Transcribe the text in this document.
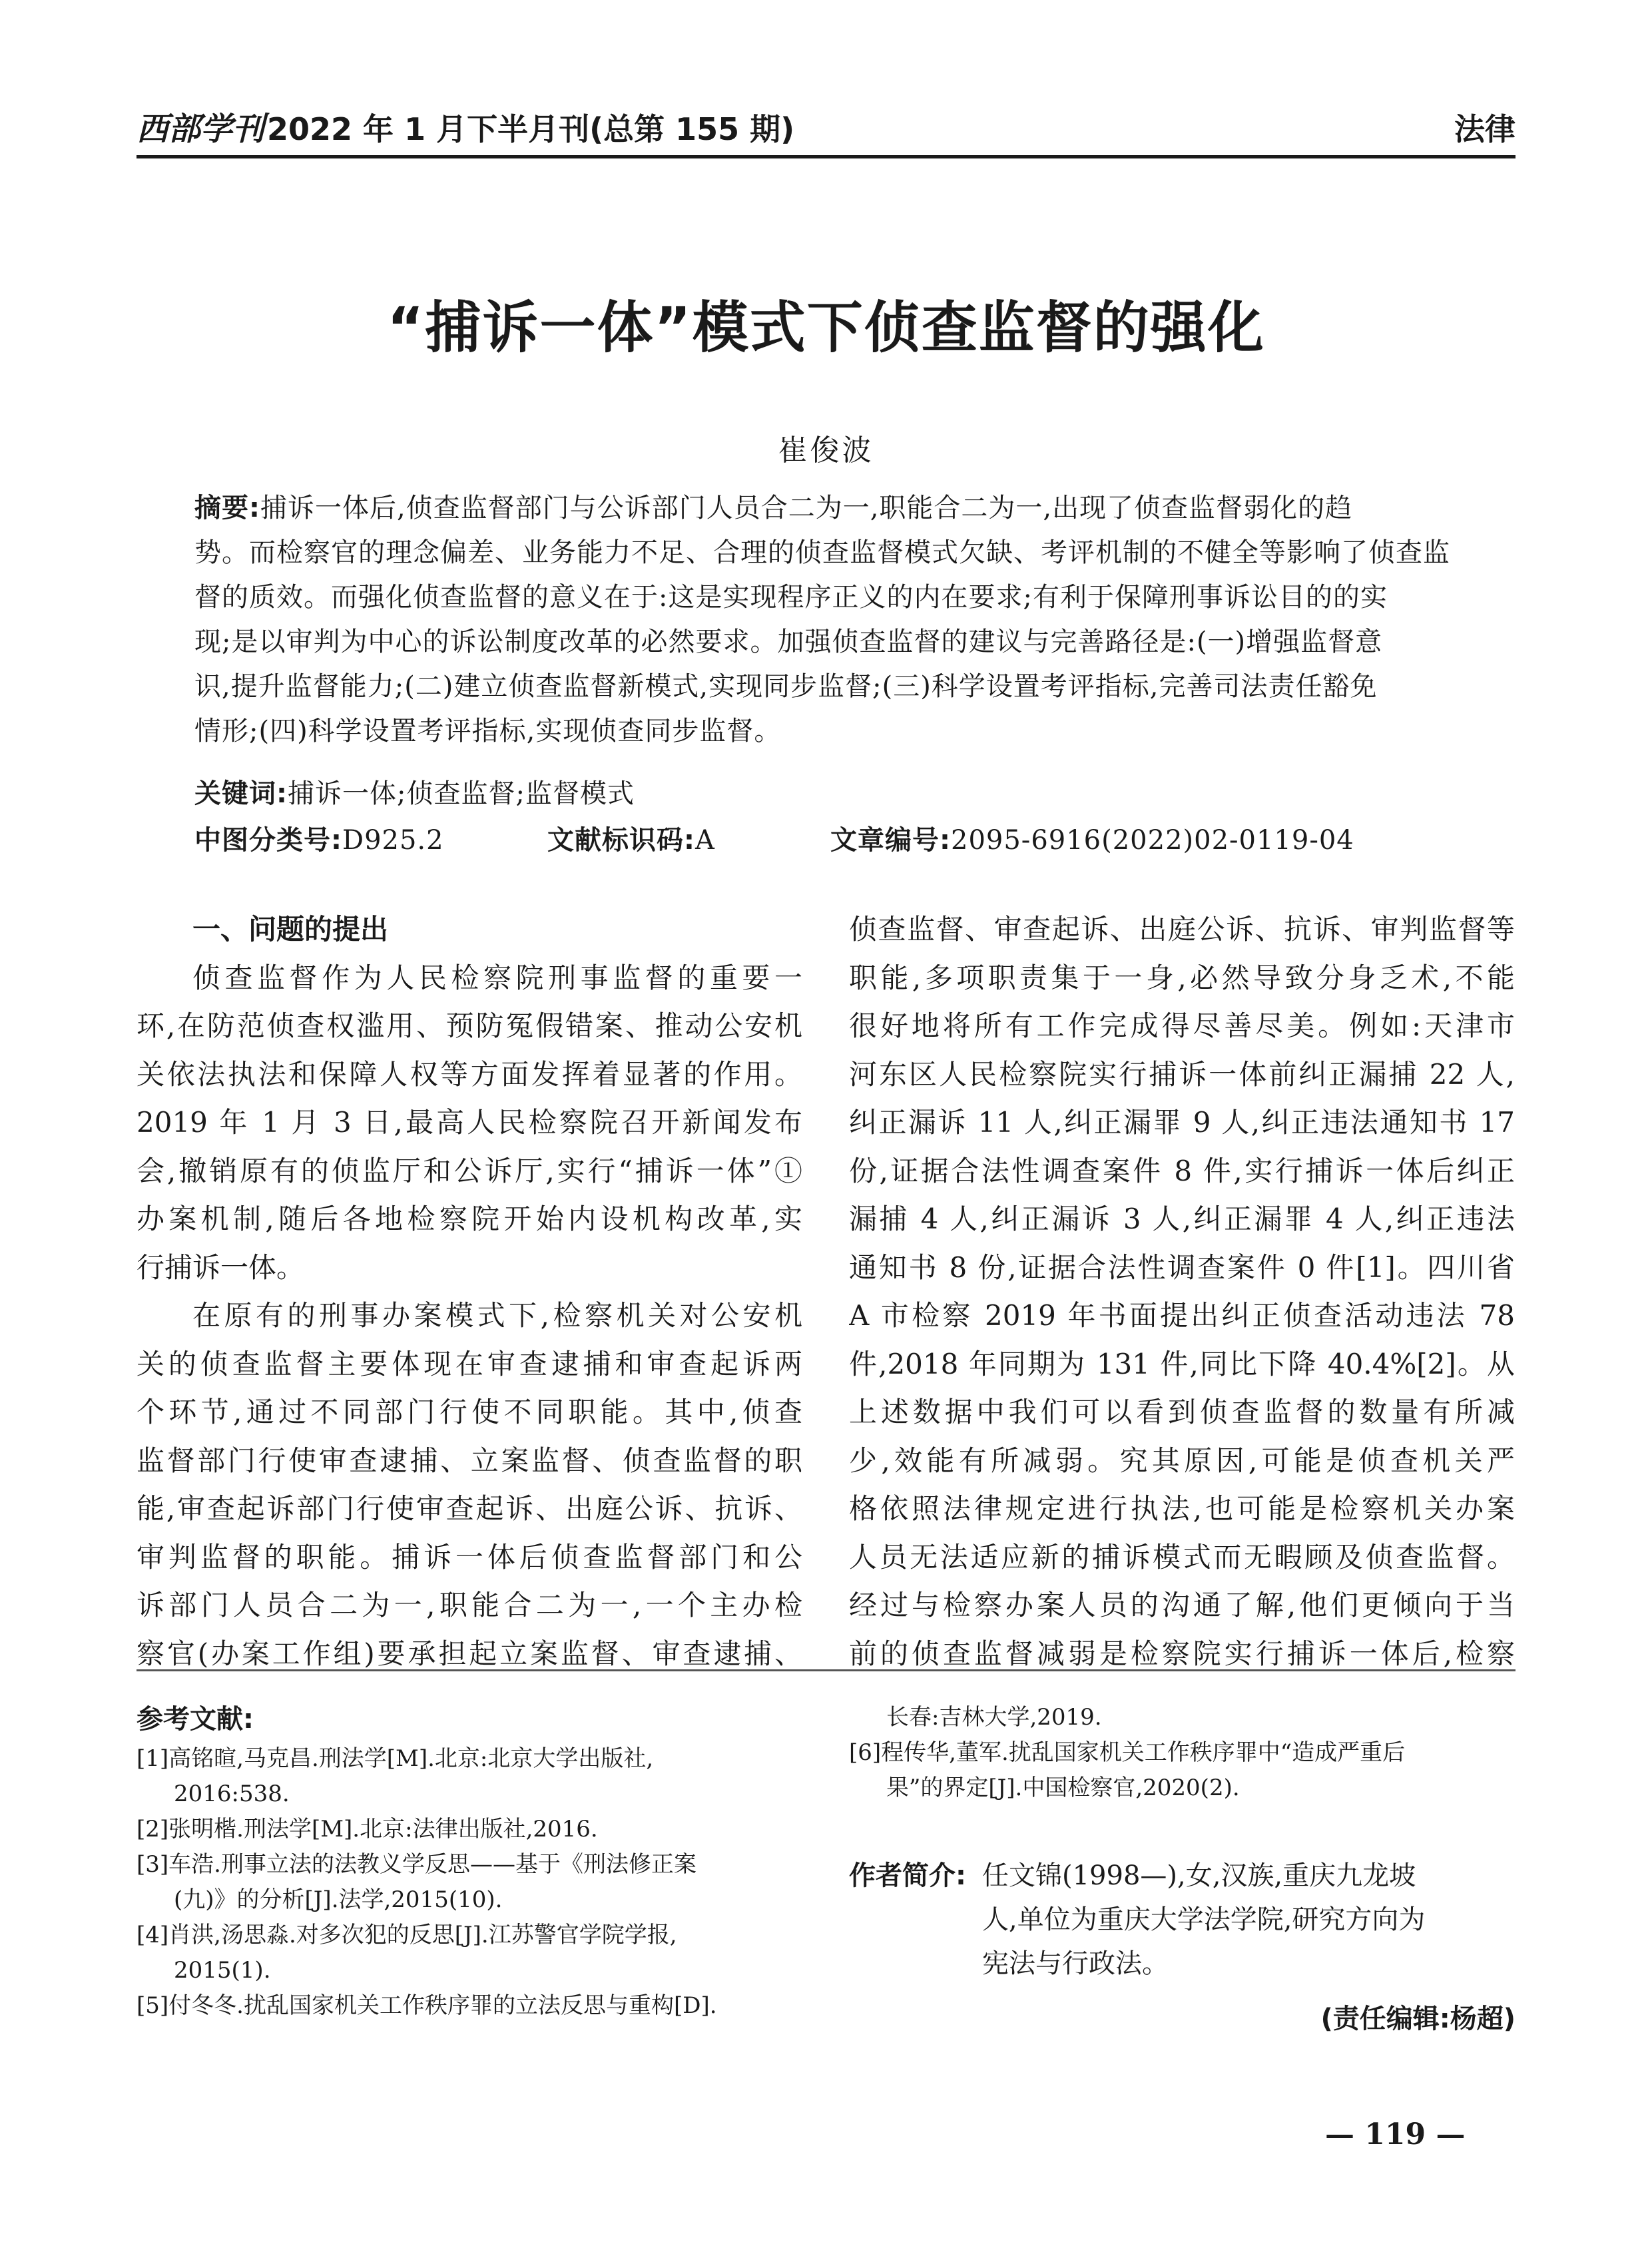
西部学刊2022 年 1 月下半月刊(总第 155 期)	法律
“捕诉一体”模式下侦查监督的强化
崔俊波
摘要:捕诉一体后,侦查监督部门与公诉部门人员合二为一,职能合二为一,出现了侦查监督弱化的趋
势。而检察官的理念偏差、业务能力不足、合理的侦查监督模式欠缺、考评机制的不健全等影响了侦查监
督的质效。而强化侦查监督的意义在于:这是实现程序正义的内在要求;有利于保障刑事诉讼目的的实
现;是以审判为中心的诉讼制度改革的必然要求。加强侦查监督的建议与完善路径是:(一)增强监督意
识,提升监督能力;(二)建立侦查监督新模式,实现同步监督;(三)科学设置考评指标,完善司法责任豁免
情形;(四)科学设置考评指标,实现侦查同步监督。
关键词:捕诉一体;侦查监督;监督模式
中图分类号:D925.2	文献标识码:A	文章编号:2095-6916(2022)02-0119-04
一、问题的提出
侦查监督作为人民检察院刑事监督的重要一
环,在防范侦查权滥用、预防冤假错案、推动公安机
关依法执法和保障人权等方面发挥着显著的作用。
2019 年 1 月 3 日,最高人民检察院召开新闻发布
会,撤销原有的侦监厅和公诉厅,实行“捕诉一体”①
办案机制,随后各地检察院开始内设机构改革,实
行捕诉一体。
在原有的刑事办案模式下,检察机关对公安机
关的侦查监督主要体现在审查逮捕和审查起诉两
个环节,通过不同部门行使不同职能。其中,侦查
监督部门行使审查逮捕、立案监督、侦查监督的职
能,审查起诉部门行使审查起诉、出庭公诉、抗诉、
审判监督的职能。捕诉一体后侦查监督部门和公
诉部门人员合二为一,职能合二为一,一个主办检
察官(办案工作组)要承担起立案监督、审查逮捕、
侦查监督、审查起诉、出庭公诉、抗诉、审判监督等
职能,多项职责集于一身,必然导致分身乏术,不能
很好地将所有工作完成得尽善尽美。例如:天津市
河东区人民检察院实行捕诉一体前纠正漏捕 22 人,
纠正漏诉 11 人,纠正漏罪 9 人,纠正违法通知书 17
份,证据合法性调查案件 8 件,实行捕诉一体后纠正
漏捕 4 人,纠正漏诉 3 人,纠正漏罪 4 人,纠正违法
通知书 8 份,证据合法性调查案件 0 件[1]。四川省
A 市检察 2019 年书面提出纠正侦查活动违法 78
件,2018 年同期为 131 件,同比下降 40.4%[2]。从
上述数据中我们可以看到侦查监督的数量有所减
少,效能有所减弱。究其原因,可能是侦查机关严
格依照法律规定进行执法,也可能是检察机关办案
人员无法适应新的捕诉模式而无暇顾及侦查监督。
经过与检察办案人员的沟通了解,他们更倾向于当
前的侦查监督减弱是检察院实行捕诉一体后,检察
参考文献:
[1]高铭暄,马克昌.刑法学[M].北京:北京大学出版社,
2016:538.
[2]张明楷.刑法学[M].北京:法律出版社,2016.
[3]车浩.刑事立法的法教义学反思——基于《刑法修正案
(九)》的分析[J].法学,2015(10).
[4]肖洪,汤思淼.对多次犯的反思[J].江苏警官学院学报,
2015(1).
[5]付冬冬.扰乱国家机关工作秩序罪的立法反思与重构[D].
长春:吉林大学,2019.
[6]程传华,董军.扰乱国家机关工作秩序罪中“造成严重后
果”的界定[J].中国检察官,2020(2).
作者简介: 任文锦(1998—),女,汉族,重庆九龙坡
人,单位为重庆大学法学院,研究方向为
宪法与行政法。
(责任编辑:杨超)
— 119 —
